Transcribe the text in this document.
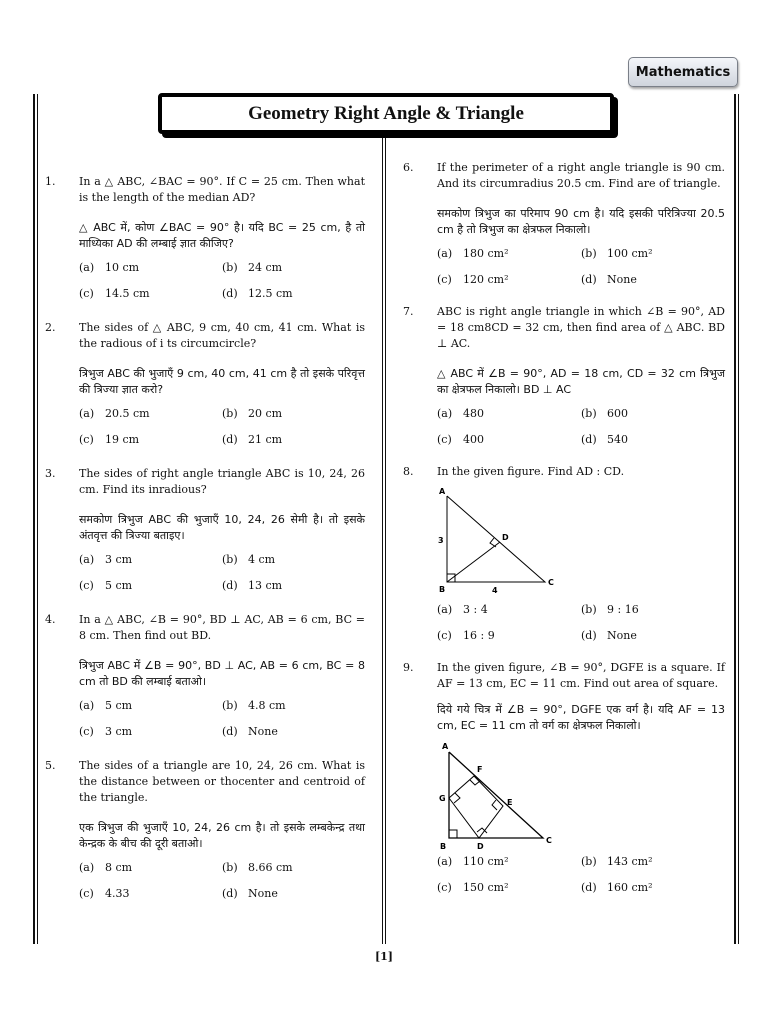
Mathematics
Geometry Right Angle & Triangle
1. In a △ ABC, ∠BAC = 90°. If C = 25 cm. Then what is the length of the median AD?
△ ABC में, कोण ∠BAC = 90° है। यदि BC = 25 cm, है तो माध्यिका AD की लम्बाई ज्ञात कीजिए?
(a) 10 cm	(b) 24 cm
(c)	14.5 cm	(d) 12.5 cm
2. The sides of △ ABC, 9 cm, 40 cm, 41 cm. What is the radious of i ts circumcircle?
त्रिभुज ABC की भुजाएँ 9 cm, 40 cm, 41 cm है तो इसके परिवृत्त की त्रिज्या ज्ञात करो?
(a) 20.5 cm	(b) 20 cm
(c)	19 cm	(d) 21 cm
3. The sides of right angle triangle ABC is 10, 24, 26 cm. Find its inradious?
समकोण त्रिभुज ABC की भुजाएँ 10, 24, 26 सेमी है। तो इसके अंतवृत्त की त्रिज्या बताइए।
(a) 3 cm	(b) 4 cm
(c)	5 cm	(d) 13 cm
4. In a △ ABC, ∠B = 90°, BD ⊥ AC, AB = 6 cm, BC = 8 cm. Then find out BD.
त्रिभुज ABC में ∠B = 90°, BD ⊥ AC, AB = 6 cm, BC = 8 cm तो BD की लम्बाई बताओ।
(a) 5 cm	(b) 4.8 cm
(c)	3 cm	(d) None
5. The sides of a triangle are 10, 24, 26 cm. What is the distance between or thocenter and centroid of the triangle.
एक त्रिभुज की भुजाएँ 10, 24, 26 cm है। तो इसके लम्बकेन्द्र तथा केन्द्रक के बीच की दूरी बताओ।
(a) 8 cm	(b) 8.66 cm
(c)	4.33	(d) None
6. If the perimeter of a right angle triangle is 90 cm. And its circumradius 20.5 cm. Find are of triangle.
समकोण त्रिभुज का परिमाप 90 cm है। यदि इसकी परित्रिज्या 20.5 cm है तो त्रिभुज का क्षेत्रफल निकालो।
(a) 180 cm²	(b) 100 cm²
(c)	120 cm²	(d) None
7. ABC is right angle triangle in which ∠B = 90°, AD = 18 cm8CD = 32 cm, then find area of △ ABC. BD ⊥ AC.
△ ABC में ∠B = 90°, AD = 18 cm, CD = 32 cm त्रिभुज का क्षेत्रफल निकालो। BD ⊥ AC
(a) 480	(b) 600
(c)	400	(d) 540
8. In the given figure. Find AD : CD.
A
B
C
D
3
4
(a) 3 : 4	(b) 9 : 16
(c)	16 : 9	(d) None
9. In the given figure, ∠B = 90°, DGFE is a square. If AF = 13 cm, EC = 11 cm. Find out area of square.
दिये गये चित्र में ∠B = 90°, DGFE एक वर्ग है। यदि AF = 13 cm, EC = 11 cm तो वर्ग का क्षेत्रफल निकालो।
A
B
C
D
E
F
G
(a) 110 cm²	(b) 143 cm²
(c)	150 cm²	(d) 160 cm²
[1]
